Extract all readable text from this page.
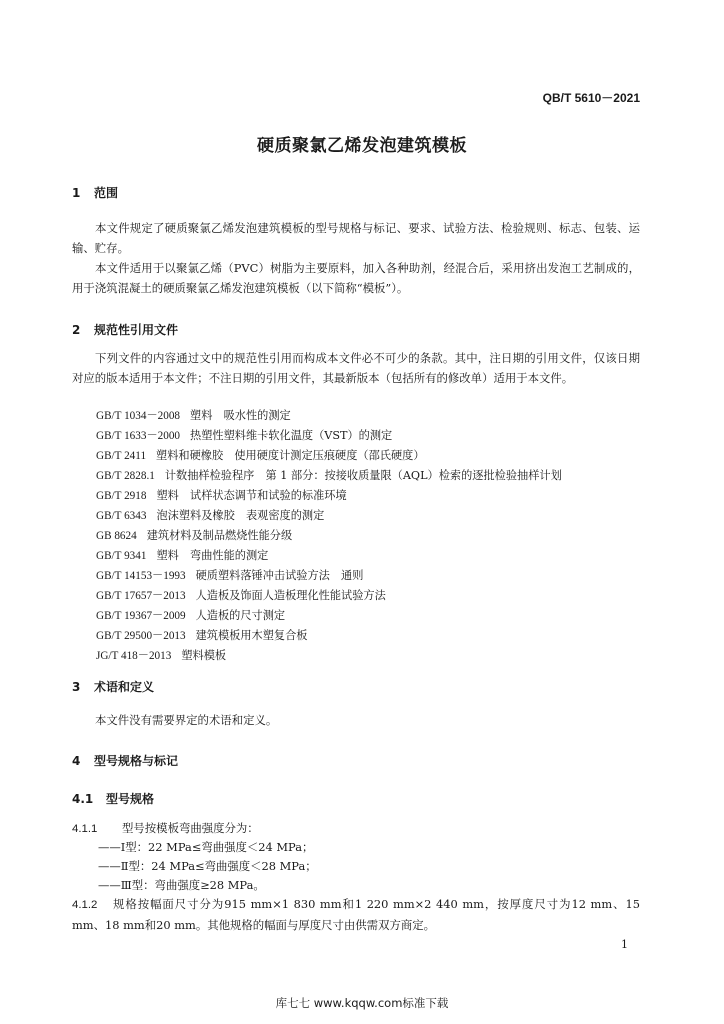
QB/T 5610－2021
硬质聚氯乙烯发泡建筑模板
1 范围
本文件规定了硬质聚氯乙烯发泡建筑模板的型号规格与标记、要求、试验方法、检验规则、标志、包装、运输、贮存。
本文件适用于以聚氯乙烯（PVC）树脂为主要原料，加入各种助剂，经混合后，采用挤出发泡工艺制成的，用于浇筑混凝土的硬质聚氯乙烯发泡建筑模板（以下简称“模板”）。
2 规范性引用文件
下列文件的内容通过文中的规范性引用而构成本文件必不可少的条款。其中，注日期的引用文件，仅该日期对应的版本适用于本文件；不注日期的引用文件，其最新版本（包括所有的修改单）适用于本文件。
GB/T 1034－2008 塑料　吸水性的测定
GB/T 1633－2000 热塑性塑料维卡软化温度（VST）的测定
GB/T 2411 塑料和硬橡胶　使用硬度计测定压痕硬度（邵氏硬度）
GB/T 2828.1 计数抽样检验程序　第 1 部分：按接收质量限（AQL）检索的逐批检验抽样计划
GB/T 2918 塑料　试样状态调节和试验的标准环境
GB/T 6343 泡沫塑料及橡胶　表观密度的测定
GB 8624 建筑材料及制品燃烧性能分级
GB/T 9341 塑料　弯曲性能的测定
GB/T 14153－1993 硬质塑料落锤冲击试验方法　通则
GB/T 17657－2013 人造板及饰面人造板理化性能试验方法
GB/T 19367－2009 人造板的尺寸测定
GB/T 29500－2013 建筑模板用木塑复合板
JG/T 418－2013 塑料模板
3 术语和定义
本文件没有需要界定的术语和定义。
4 型号规格与标记
4.1 型号规格
4.1.1 型号按模板弯曲强度分为：
——Ⅰ型：22 MPa≤弯曲强度＜24 MPa；
——Ⅱ型：24 MPa≤弯曲强度＜28 MPa；
——Ⅲ型：弯曲强度≥28 MPa。
4.1.2 规格按幅面尺寸分为915 mm×1 830 mm和1 220 mm×2 440 mm，按厚度尺寸为12 mm、15 mm、18 mm和20 mm。其他规格的幅面与厚度尺寸由供需双方商定。
1
库七七 www.kqqw.com标准下载
